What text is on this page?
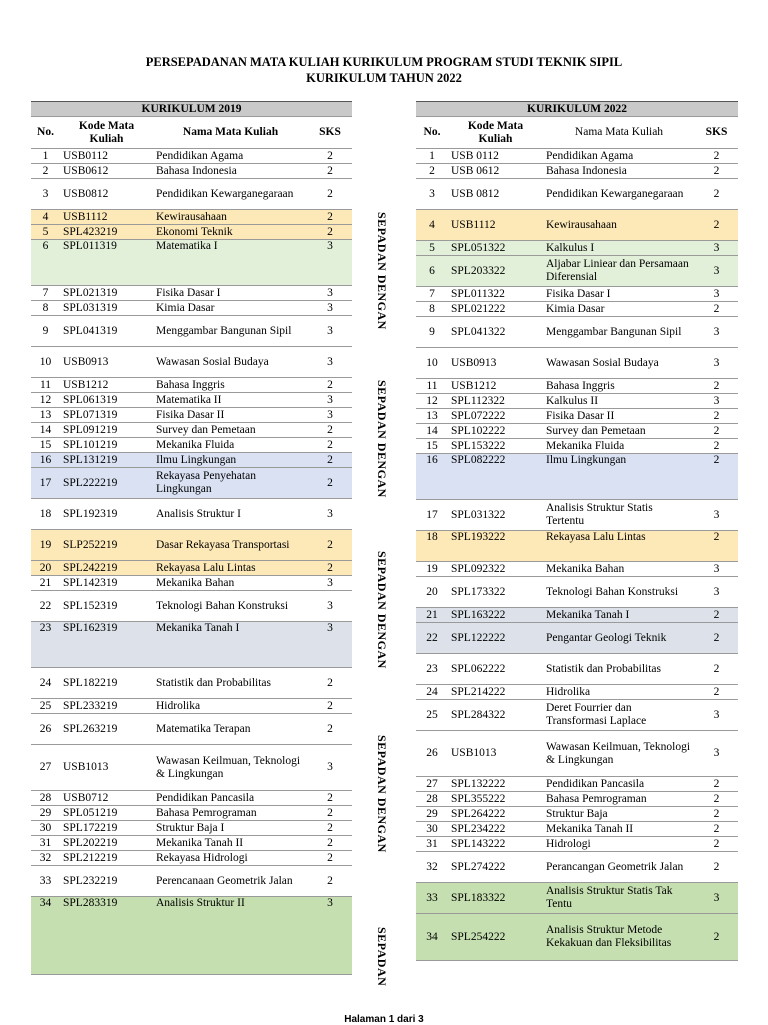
PERSEPADANAN MATA KULIAH KURIKULUM PROGRAM STUDI TEKNIK SIPIL
KURIKULUM TAHUN 2022
KURIKULUM 2019			
No.	Kode Mata Kuliah	Nama Mata Kuliah	SKS
1	USB0112	Pendidikan Agama	2
2	USB0612	Bahasa Indonesia	2
3	USB0812	Pendidikan Kewarganegaraan	2
4	USB1112	Kewirausahaan	2
5	SPL423219	Ekonomi Teknik	2
6	SPL011319	Matematika I	3
7	SPL021319	Fisika Dasar I	3
8	SPL031319	Kimia Dasar	3
9	SPL041319	Menggambar Bangunan Sipil	3
10	USB0913	Wawasan Sosial Budaya	3
11	USB1212	Bahasa Inggris	2
12	SPL061319	Matematika II	3
13	SPL071319	Fisika Dasar II	3
14	SPL091219	Survey dan Pemetaan	2
15	SPL101219	Mekanika Fluida	2
16	SPL131219	Ilmu Lingkungan	2
17	SPL222219	Rekayasa Penyehatan Lingkungan	2
18	SPL192319	Analisis Struktur I	3
19	SLP252219	Dasar Rekayasa Transportasi	2
20	SPL242219	Rekayasa Lalu Lintas	2
21	SPL142319	Mekanika Bahan	3
22	SPL152319	Teknologi Bahan Konstruksi	3
23	SPL162319	Mekanika Tanah I	3
24	SPL182219	Statistik dan Probabilitas	2
25	SPL233219	Hidrolika	2
26	SPL263219	Matematika Terapan	2
27	USB1013	Wawasan Keilmuan, Teknologi & Lingkungan	3
28	USB0712	Pendidikan Pancasila	2
29	SPL051219	Bahasa Pemrograman	2
30	SPL172219	Struktur Baja I	2
31	SPL202219	Mekanika Tanah II	2
32	SPL212219	Rekayasa Hidrologi	2
33	SPL232219	Perencanaan Geometrik Jalan	2
34	SPL283319	Analisis Struktur II	3
KURIKULUM 2022			
No.	Kode Mata Kuliah	Nama Mata Kuliah	SKS
1	USB 0112	Pendidikan Agama	2
2	USB 0612	Bahasa Indonesia	2
3	USB 0812	Pendidikan Kewarganegaraan	2
4	USB1112	Kewirausahaan	2
5	SPL051322	Kalkulus I	3
6	SPL203322	Aljabar Liniear dan Persamaan Diferensial	3
7	SPL011322	Fisika Dasar I	3
8	SPL021222	Kimia Dasar	2
9	SPL041322	Menggambar Bangunan Sipil	3
10	USB0913	Wawasan Sosial Budaya	3
11	USB1212	Bahasa Inggris	2
12	SPL112322	Kalkulus II	3
13	SPL072222	Fisika Dasar II	2
14	SPL102222	Survey dan Pemetaan	2
15	SPL153222	Mekanika Fluida	2
16	SPL082222	Ilmu Lingkungan	2
17	SPL031322	Analisis Struktur Statis Tertentu	3
18	SPL193222	Rekayasa Lalu Lintas	2
19	SPL092322	Mekanika Bahan	3
20	SPL173322	Teknologi Bahan Konstruksi	3
21	SPL163222	Mekanika Tanah I	2
22	SPL122222	Pengantar Geologi Teknik	2
23	SPL062222	Statistik dan Probabilitas	2
24	SPL214222	Hidrolika	2
25	SPL284322	Deret Fourrier dan Transformasi Laplace	3
26	USB1013	Wawasan Keilmuan, Teknologi & Lingkungan	3
27	SPL132222	Pendidikan Pancasila	2
28	SPL355222	Bahasa Pemrograman	2
29	SPL264222	Struktur Baja	2
30	SPL234222	Mekanika Tanah II	2
31	SPL143222	Hidrologi	2
32	SPL274222	Perancangan Geometrik Jalan	2
33	SPL183322	Analisis Struktur Statis Tak Tentu	3
34	SPL254222	Analisis Struktur Metode Kekakuan dan Fleksibilitas	2
SEPADAN DENGAN
SEPADAN DENGAN
SEPADAN DENGAN
SEPADAN DENGAN
SEPADAN
Halaman 1 dari 3
